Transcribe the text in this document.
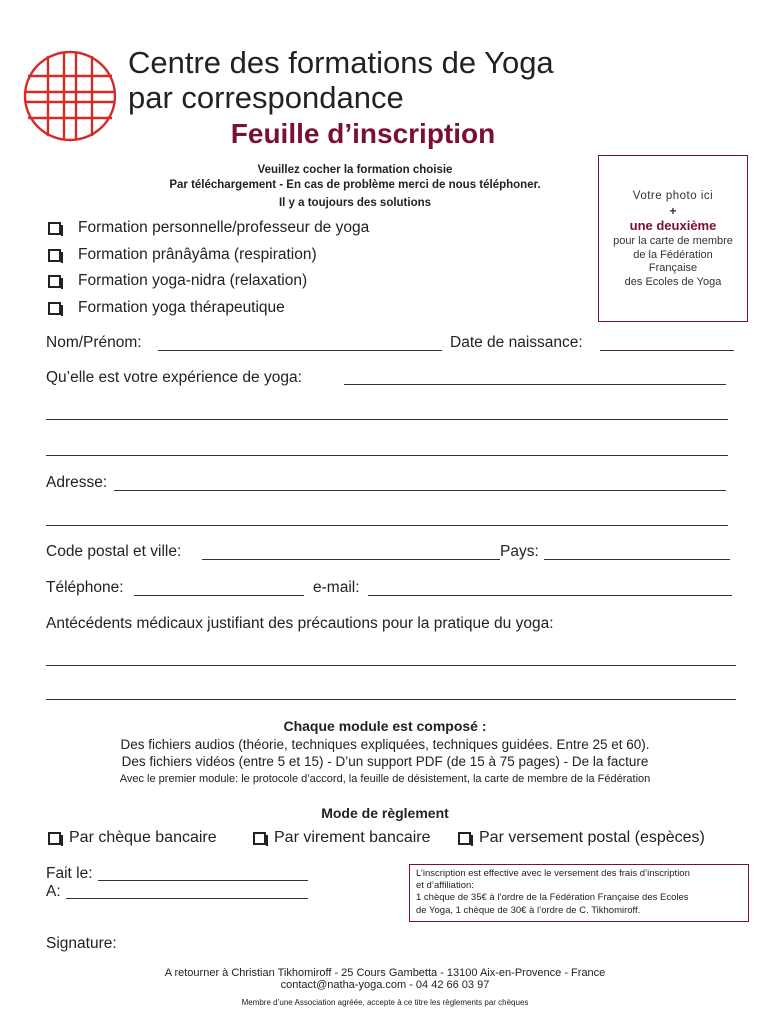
Centre des formations de Yoga
par correspondance
Feuille d’inscription
Veuillez cocher la formation choisie
Par téléchargement - En cas de problème merci de nous téléphoner.
Il y a toujours des solutions
Votre photo ici
+
une deuxième
pour la carte de membre
de la Fédération
Française
des Ecoles de Yoga
Formation personnelle/professeur de yoga
Formation prânâyâma (respiration)
Formation yoga-nidra (relaxation)
Formation yoga thérapeutique
Nom/Prénom:	Date de naissance:
Qu’elle est votre expérience de yoga:
Adresse:
Code postal et ville:	Pays:
Téléphone:	e-mail:
Antécédents médicaux justifiant des précautions pour la pratique du yoga:
Chaque module est composé :
Des fichiers audios (théorie, techniques expliquées, techniques guidées. Entre 25 et 60).
Des fichiers vidéos (entre 5 et 15) - D’un support PDF (de 15 à 75 pages) - De la facture
Avec le premier module: le protocole d’accord, la feuille de désistement, la carte de membre de la Fédération
Mode de règlement
Par chèque bancaire	Par virement bancaire	Par versement postal (espèces)
Fait le:
A:
L’inscription est effective avec le versement des frais d’inscription
et d’affiliation:
1 chèque de 35€ à l’ordre de la Fédération Française des Ecoles
de Yoga, 1 chèque de 30€ à l’ordre de C. Tikhomiroff.
Signature:
A retourner à Christian Tikhomiroff - 25 Cours Gambetta - 13100 Aix-en-Provence - France
contact@natha-yoga.com - 04 42 66 03 97
Membre d’une Association agréée, accepte à ce titre les règlements par chèques
